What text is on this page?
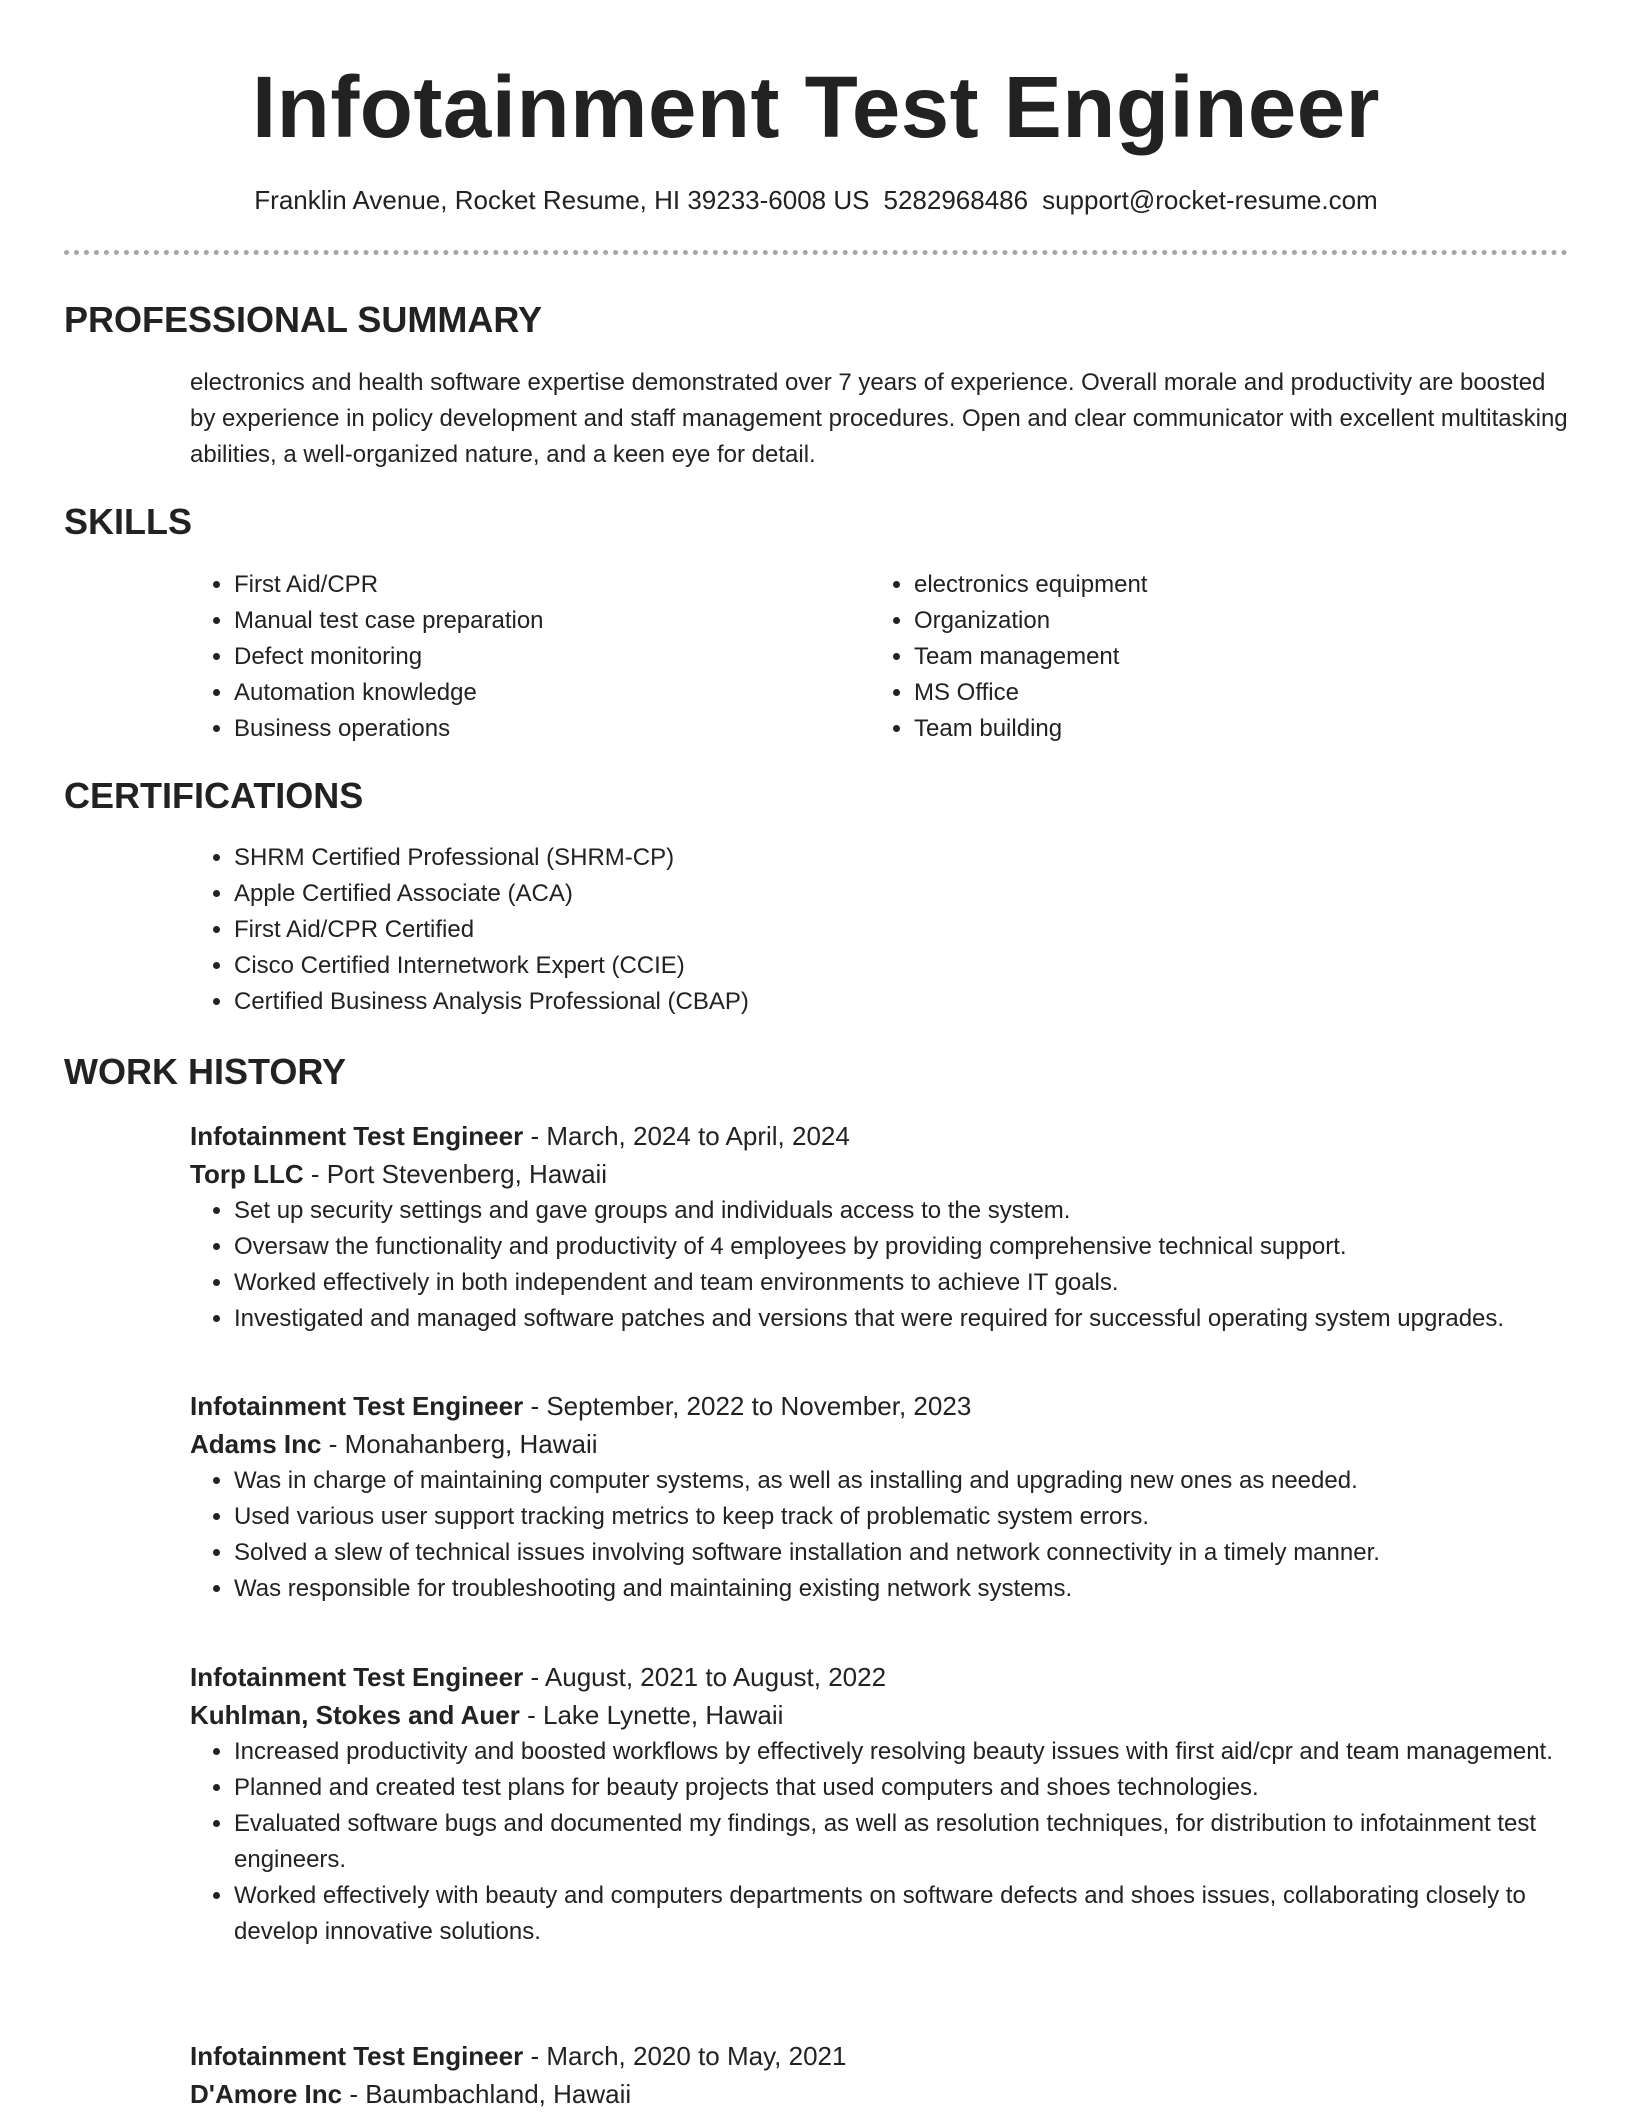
Infotainment Test Engineer
Franklin Avenue, Rocket Resume, HI 39233-6008 US 5282968486 support@rocket-resume.com
PROFESSIONAL SUMMARY
electronics and health software expertise demonstrated over 7 years of experience. Overall morale and productivity are boosted by experience in policy development and staff management procedures. Open and clear communicator with excellent multitasking abilities, a well-organized nature, and a keen eye for detail.
SKILLS
• First Aid/CPR
• Manual test case preparation
• Defect monitoring
• Automation knowledge
• Business operations
• electronics equipment
• Organization
• Team management
• MS Office
• Team building
CERTIFICATIONS
• SHRM Certified Professional (SHRM-CP)
• Apple Certified Associate (ACA)
• First Aid/CPR Certified
• Cisco Certified Internetwork Expert (CCIE)
• Certified Business Analysis Professional (CBAP)
WORK HISTORY
Infotainment Test Engineer - March, 2024 to April, 2024
Torp LLC - Port Stevenberg, Hawaii
• Set up security settings and gave groups and individuals access to the system.
• Oversaw the functionality and productivity of 4 employees by providing comprehensive technical support.
• Worked effectively in both independent and team environments to achieve IT goals.
• Investigated and managed software patches and versions that were required for successful operating system upgrades.
Infotainment Test Engineer - September, 2022 to November, 2023
Adams Inc - Monahanberg, Hawaii
• Was in charge of maintaining computer systems, as well as installing and upgrading new ones as needed.
• Used various user support tracking metrics to keep track of problematic system errors.
• Solved a slew of technical issues involving software installation and network connectivity in a timely manner.
• Was responsible for troubleshooting and maintaining existing network systems.
Infotainment Test Engineer - August, 2021 to August, 2022
Kuhlman, Stokes and Auer - Lake Lynette, Hawaii
• Increased productivity and boosted workflows by effectively resolving beauty issues with first aid/cpr and team management.
• Planned and created test plans for beauty projects that used computers and shoes technologies.
• Evaluated software bugs and documented my findings, as well as resolution techniques, for distribution to infotainment test engineers.
• Worked effectively with beauty and computers departments on software defects and shoes issues, collaborating closely to develop innovative solutions.
Infotainment Test Engineer - March, 2020 to May, 2021
D'Amore Inc - Baumbachland, Hawaii
